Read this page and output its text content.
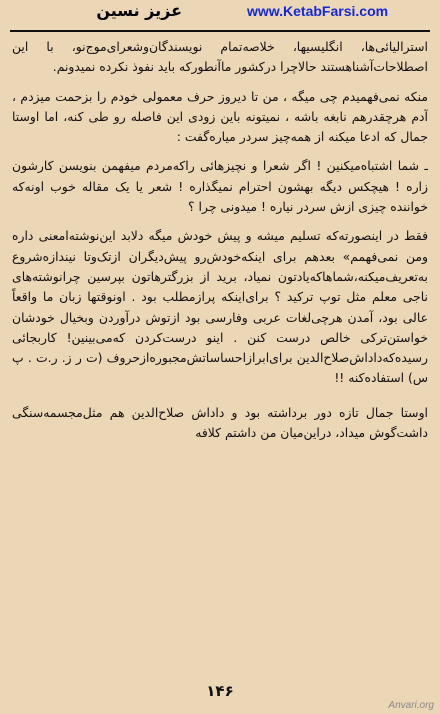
www.KetabFarsi.com
عزیز نسین

استرالیائی‌ها، انگلیسیها، خلاصه‌تمام نویسندگان‌وشعرای‌موج‌نو، با این اصطلاحات‌آشناهستند حالاچرا درکشور ماآنطورکه باید نفوذ نکرده نمیدونم.

منکه نمی‌فهمیدم چی میگه ، من تا دیروز حرف معمولی خودم را بزحمت میزدم ، آدم هرچقدرهم نابغه باشه ، نمیتونه باین زودی این فاصله رو طی کنه، اما اوستا جمال که ادعا میکنه از همه‌چیز سردر میاره‌گفت :

ـ شما اشتباه‌میکنین ! اگر شعرا و نچیزهائی راکه‌مردم میفهمن بنویسن کارشون زاره ! هیچکس دیگه بهشون احترام نمیگذاره ! شعر یا یک مقاله خوب اونه‌که خواننده چیزی ازش سردر نیاره ! میدونی چرا ؟

فقط در اینصورته‌که تسلیم میشه و پیش خودش میگه دلابد این‌نوشته‌امعنی داره ومن نمی‌فهمم» بعدهم برای اینکه‌خودش‌رو پیش‌دیگران ازتک‌وتا نیندازه‌شروع به‌تعریف‌میکنه،شماهاکه‌یادتون نمیاد، برید از بزرگترهاتون بپرسین چرانوشته‌های ناجی معلم مثل توپ ترکید ؟ برای‌اینکه پرازمطلب بود . اونوقتها زبان ما واقعاً عالی بود، آمدن هرچی‌لغات عربی وفارسی بود ازتوش درآوردن وبخیال خودشان خواستن‌ترکی خالص درست کنن . اینو درست‌کردن که‌می‌بینین! کاربجائی رسیده‌که‌داداش‌صلاح‌الدین برای‌ابرازاحساساتش‌مجبوره‌ازحروف (ت ر ز. ر.ت . پ س) استفاده‌کنه !!

اوستا جمال تازه دور برداشته بود و داداش صلاح‌الدین هم مثل‌مجسمه‌سنگی داشت‌گوش میداد، دراین‌میان من داشتم کلافه

۱۴۶
Anvari.org
